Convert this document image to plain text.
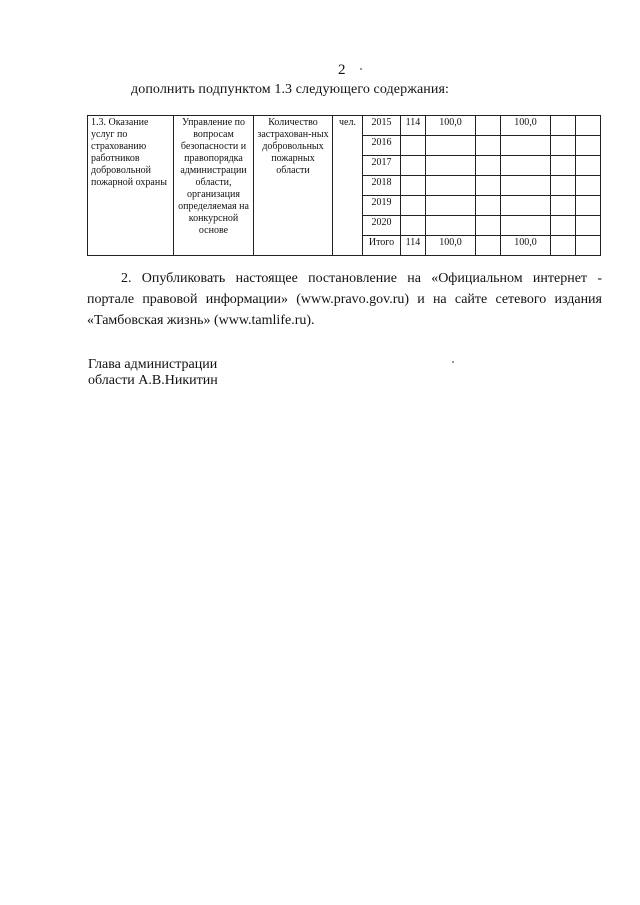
2
дополнить подпунктом 1.3 следующего содержания:
1.3. Оказание услуг по страхованию работников добровольной пожарной охраны	Управление по вопросам безопасности и правопорядка администрации области, организация определяемая на конкурсной основе	Количество застрахован-ных добровольных пожарных области	чел.	2015	114	100,0		100,0		
				2016						
				2017						
				2018						
				2019						
				2020						
				Итого	114	100,0		100,0		
2. Опубликовать настоящее постановление на «Официальном интернет - портале правовой информации» (www.pravo.gov.ru) и на сайте сетевого издания «Тамбовская жизнь» (www.tamlife.ru).
Глава администрации
области А.В.Никитин
